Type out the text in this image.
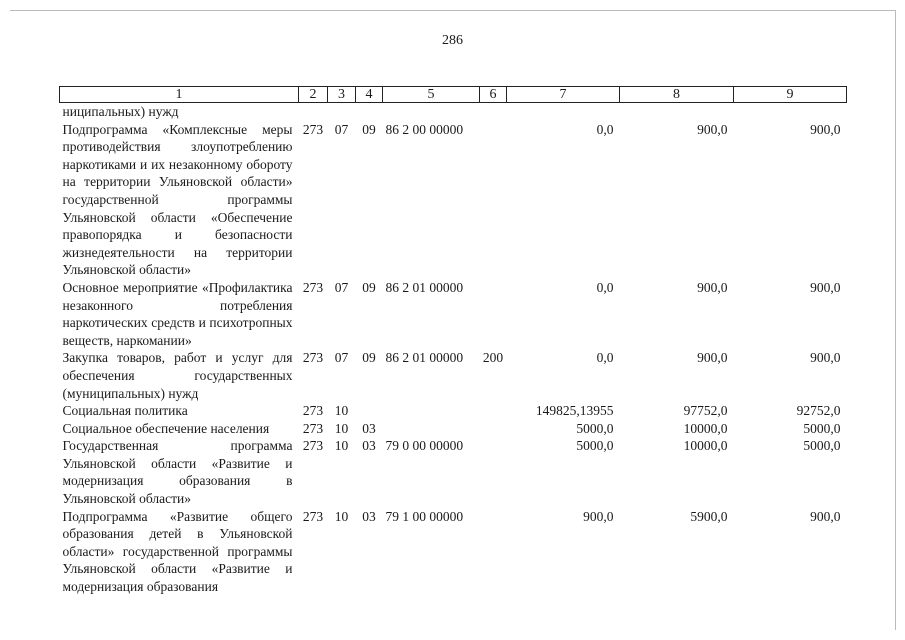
286
1	2	3	4	5	6	7	8	9
ниципальных) нужд								
Подпрограмма «Комплексные меры противодействия злоупотреблению наркотиками и их незаконному обороту на территории Ульяновской области» государственной программы Ульяновской области «Обеспечение правопорядка и безопасности жизнедеятельности на территории Ульяновской области»	273	07	09	86 2 00 00000		0,0	900,0	900,0
Основное мероприятие «Профилактика незаконного потребления наркотических средств и психотропных веществ, наркомании»	273	07	09	86 2 01 00000		0,0	900,0	900,0
Закупка товаров, работ и услуг для обеспечения государственных (муниципальных) нужд	273	07	09	86 2 01 00000	200	0,0	900,0	900,0
Социальная политика	273	10				149825,13955	97752,0	92752,0
Социальное обеспечение населения	273	10	03			5000,0	10000,0	5000,0
Государственная программа Ульяновской области «Развитие и модернизация образования в Ульяновской области»	273	10	03	79 0 00 00000		5000,0	10000,0	5000,0
Подпрограмма «Развитие общего образования детей в Ульяновской области» государственной программы Ульяновской области «Развитие и модернизация образования	273	10	03	79 1 00 00000		900,0	5900,0	900,0
